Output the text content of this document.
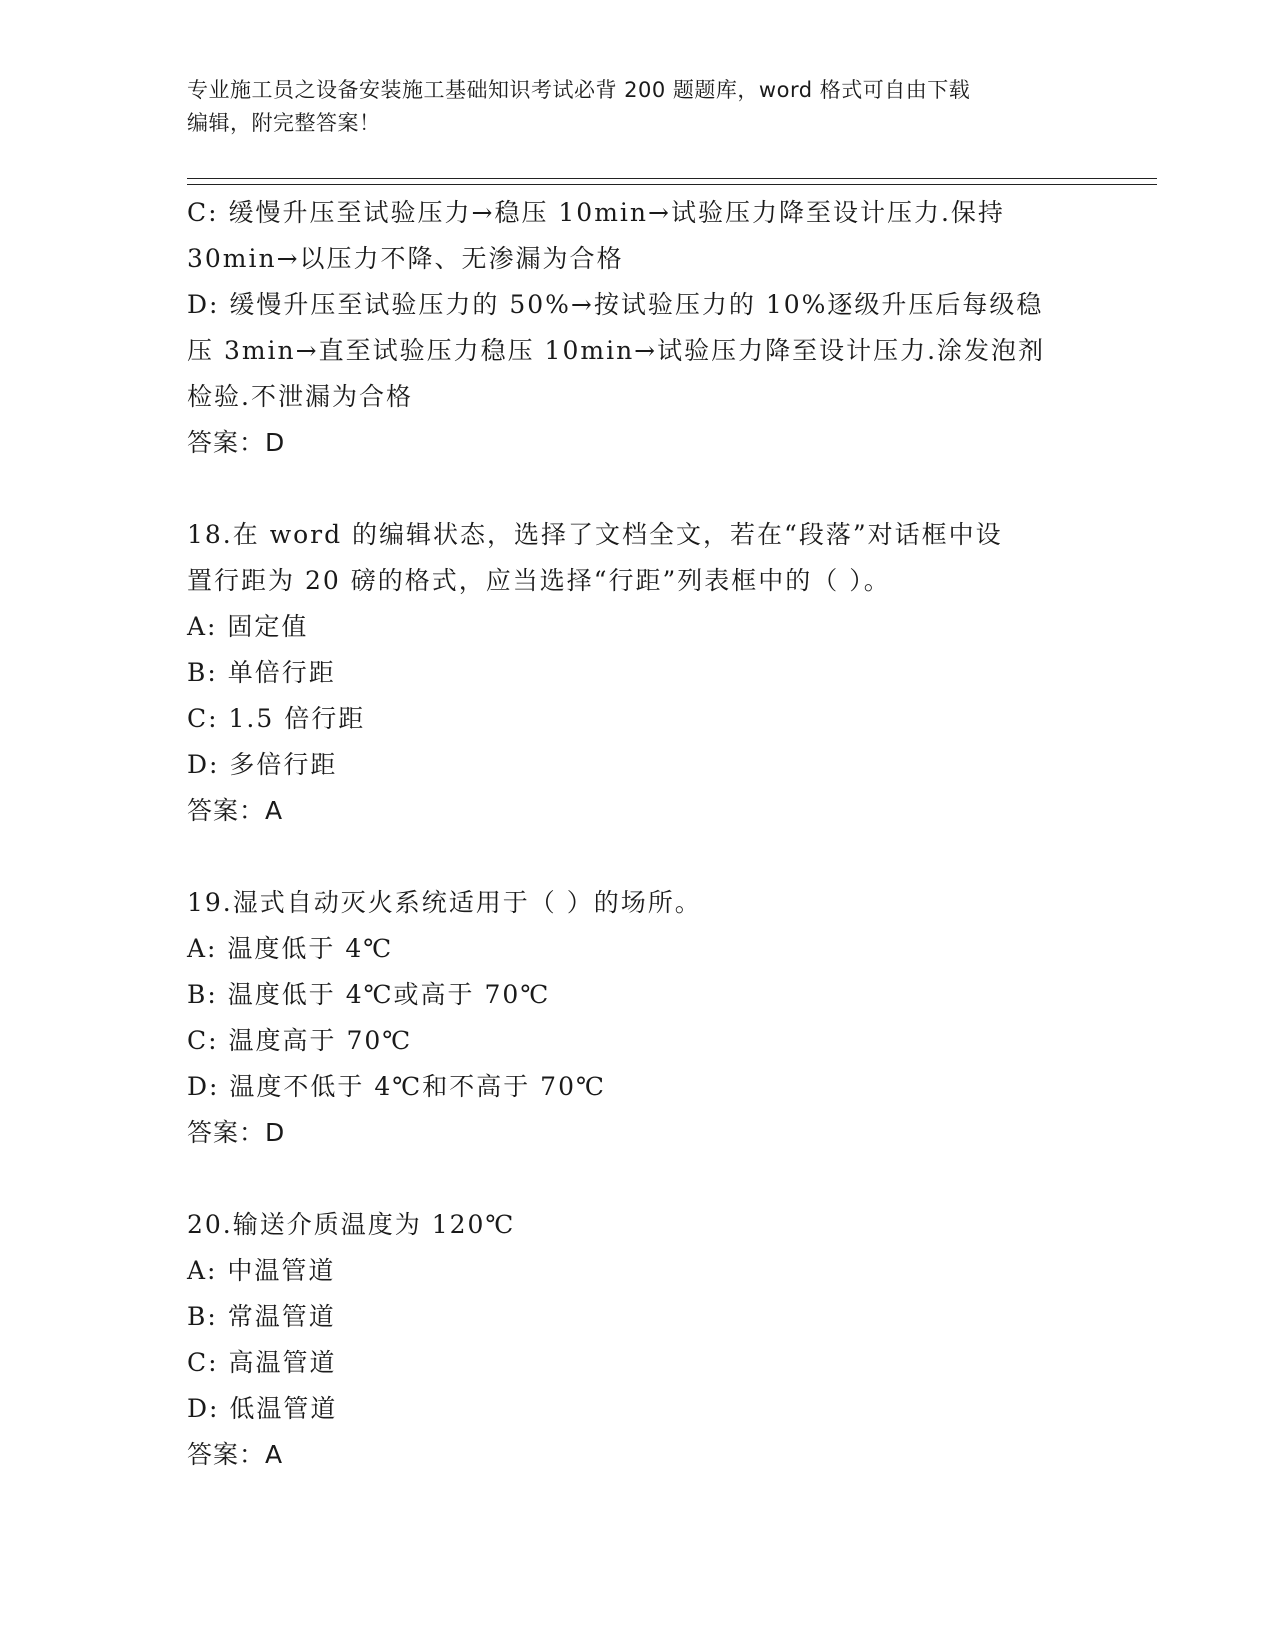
专业施工员之设备安装施工基础知识考试必背 200 题题库，word 格式可自由下载
编辑，附完整答案！
C: 缓慢升压至试验压力→稳压 10min→试验压力降至设计压力.保持
30min→以压力不降、无渗漏为合格
D: 缓慢升压至试验压力的 50%→按试验压力的 10%逐级升压后每级稳
压 3min→直至试验压力稳压 10min→试验压力降至设计压力.涂发泡剂
检验.不泄漏为合格
答案：D
18.在 word 的编辑状态，选择了文档全文，若在“段落”对话框中设
置行距为 20 磅的格式，应当选择“行距”列表框中的（ ）。
A: 固定值
B: 单倍行距
C: 1.5 倍行距
D: 多倍行距
答案：A
19.湿式自动灭火系统适用于（ ）的场所。
A: 温度低于 4℃
B: 温度低于 4℃或高于 70℃
C: 温度高于 70℃
D: 温度不低于 4℃和不高于 70℃
答案：D
20.输送介质温度为 120℃
A: 中温管道
B: 常温管道
C: 高温管道
D: 低温管道
答案：A
